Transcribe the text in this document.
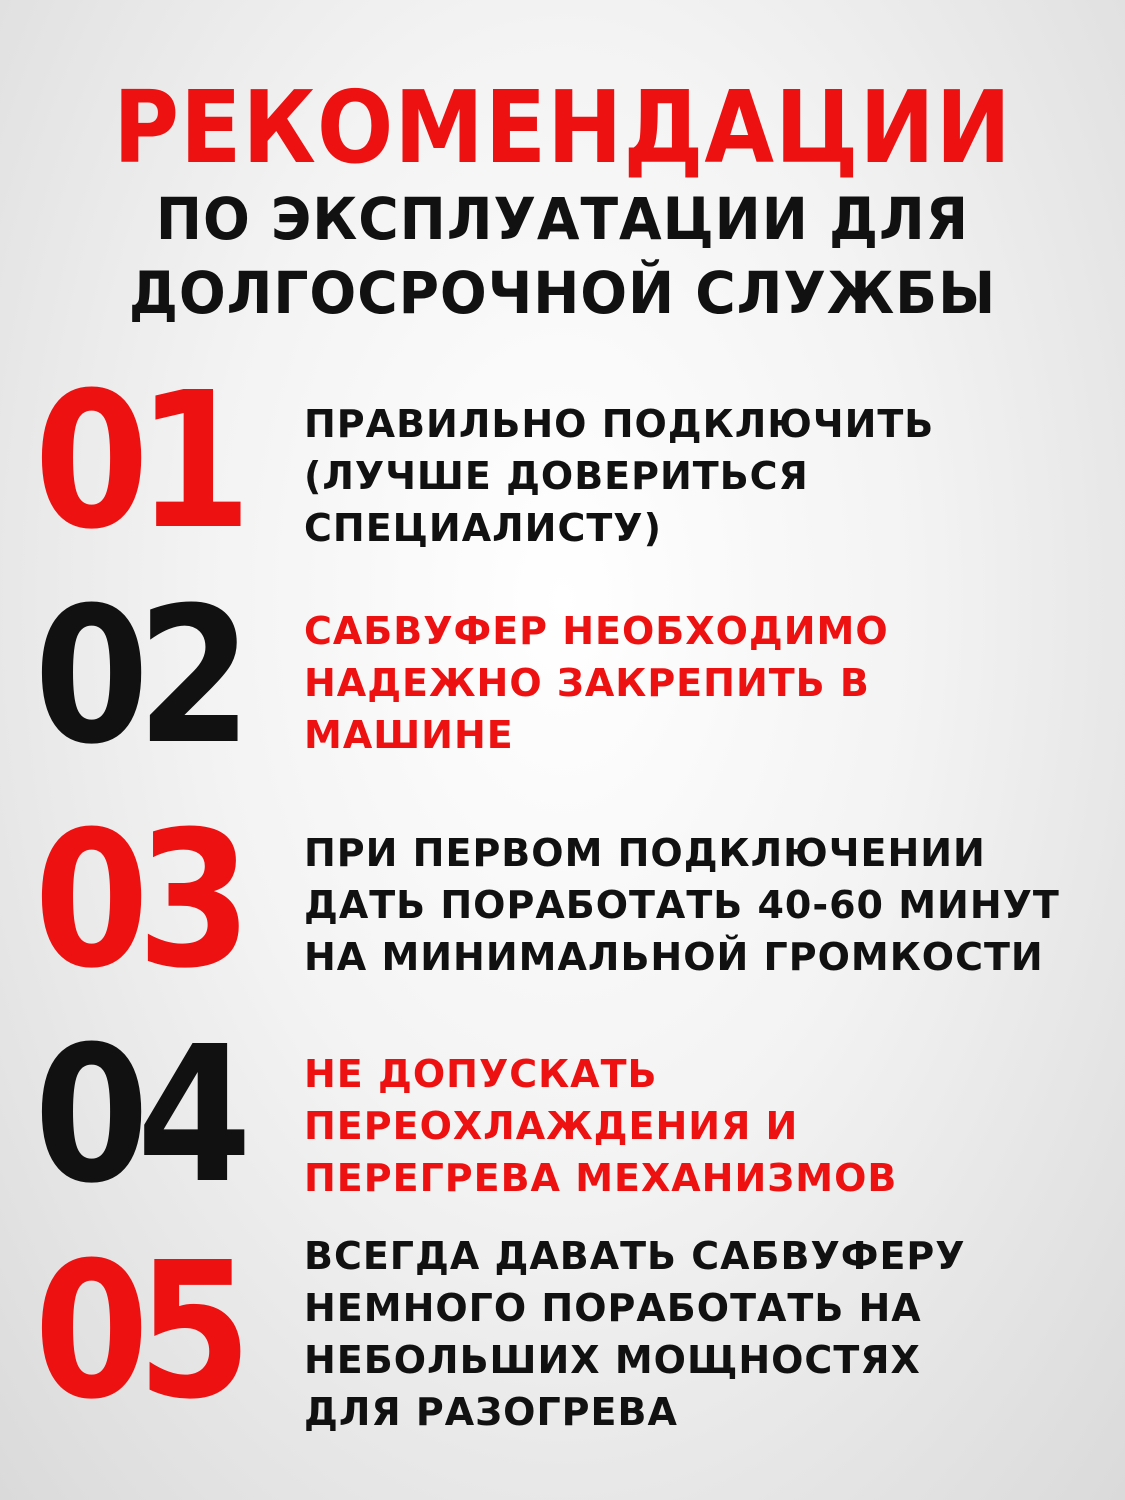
РЕКОМЕНДАЦИИ
ПО ЭКСПЛУАТАЦИИ ДЛЯ
ДОЛГОСРОЧНОЙ СЛУЖБЫ
01 ПРАВИЛЬНО ПОДКЛЮЧИТЬ
(ЛУЧШЕ ДОВЕРИТЬСЯ
СПЕЦИАЛИСТУ)
02 САБВУФЕР НЕОБХОДИМО
НАДЕЖНО ЗАКРЕПИТЬ В
МАШИНЕ
03 ПРИ ПЕРВОМ ПОДКЛЮЧЕНИИ
ДАТЬ ПОРАБОТАТЬ 40-60 МИНУТ
НА МИНИМАЛЬНОЙ ГРОМКОСТИ
04 НЕ ДОПУСКАТЬ
ПЕРЕОХЛАЖДЕНИЯ И
ПЕРЕГРЕВА МЕХАНИЗМОВ
05 ВСЕГДА ДАВАТЬ САБВУФЕРУ
НЕМНОГО ПОРАБОТАТЬ НА
НЕБОЛЬШИХ МОЩНОСТЯХ
ДЛЯ РАЗОГРЕВА
